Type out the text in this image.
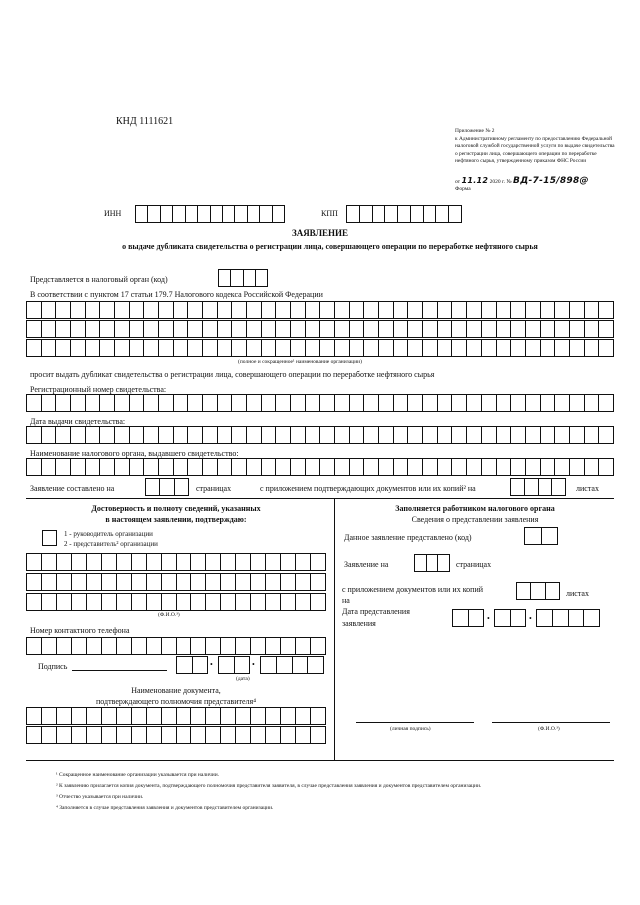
КНД 1111621
Приложение № 2
к Административному регламенту по предоставлению Федеральной налоговой службой государственной услуги по выдаче свидетельства о регистрации лица, совершающего операции по переработке нефтяного сырья, утвержденному приказом ФНС России
от 11.12 2020 г. № ВД-7-15/898@
Форма
ИНН	КПП
ЗАЯВЛЕНИЕ
о выдаче дубликата свидетельства о регистрации лица, совершающего операции по переработке нефтяного сырья
Представляется в налоговый орган (код)
В соответствии с пунктом 17 статьи 179.7 Налогового кодекса Российской Федерации
(полное и сокращенное¹ наименование организации)
просит выдать дубликат свидетельства о регистрации лица, совершающего операции по переработке нефтяного сырья
Регистрационный номер свидетельства:
Дата выдачи свидетельства:
Наименование налогового органа, выдавшего свидетельство:
Заявление составлено на	страницах	с приложением подтверждающих документов или их копий² на	листах
Достоверность и полноту сведений, указанных
в настоящем заявлении, подтверждаю:
1 - руководитель организации
2 - представитель² организации
(Ф.И.О.³)
Номер контактного телефона
Подпись	•	•
(дата)
Наименование документа,
подтверждающего полномочия представителя⁴
Заполняется работником налогового органа
Сведения о представлении заявления
Данное заявление представлено (код)
Заявление на	страницах
с приложением документов или их копий
на
листах
Дата представления
заявления
•	•
(личная подпись)	(Ф.И.О.³)
¹ Сокращенное наименование организации указывается при наличии.
² К заявлению прилагается копия документа, подтверждающего полномочия представителя заявителя, в случае представления заявления и документов представителем организации.
³ Отчество указывается при наличии.
⁴ Заполняется в случае представления заявления и документов представителем организации.
